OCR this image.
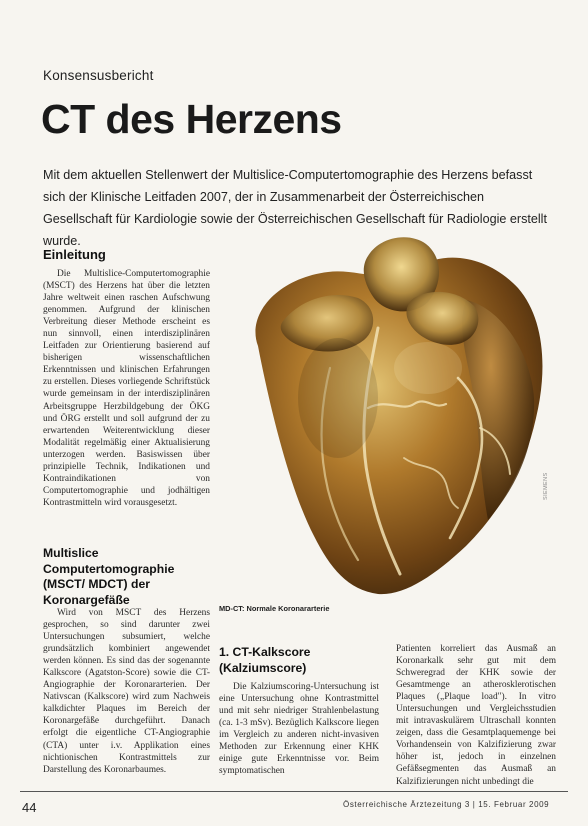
Konsensusbericht
CT des Herzens

Mit dem aktuellen Stellenwert der Multislice-Computertomographie des Herzens befasst sich der Klinische Leitfaden 2007, der in Zusammenarbeit der Österreichischen Gesellschaft für Kardiologie sowie der Österreichischen Gesellschaft für Radiologie erstellt wurde.

Einleitung

Die Multislice-Computertomographie (MSCT) des Herzens hat über die letzten Jahre weltweit einen raschen Aufschwung genommen. Aufgrund der klinischen Verbreitung dieser Methode erscheint es nun sinnvoll, einen interdisziplinären Leitfaden zur Orientierung basierend auf bisherigen wissenschaftlichen Erkenntnissen und klinischen Erfahrungen zu erstellen. Dieses vorliegende Schriftstück wurde gemeinsam in der interdisziplinären Arbeitsgruppe Herzbildgebung der ÖKG und ÖRG erstellt und soll aufgrund der zu erwartenden Weiterentwicklung dieser Modalität regelmäßig einer Aktualisierung unterzogen werden. Basiswissen über prinzipielle Technik, Indikationen und Kontraindikationen von Computertomographie und jodhältigen Kontrastmitteln wird vorausgesetzt.

Multislice Computertomographie (MSCT/ MDCT) der Koronargefäße

Wird von MSCT des Herzens gesprochen, so sind darunter zwei Untersuchungen subsumiert, welche grundsätzlich kombiniert angewendet werden können. Es sind das der sogenannte Kalkscore (Agatston-Score) sowie die CT-Angiographie der Koronararterien. Der Nativscan (Kalkscore) wird zum Nachweis kalkdichter Plaques im Bereich der Koronargefäße durchgeführt. Danach erfolgt die eigentliche CT-Angiographie (CTA) unter i.v. Applikation eines nichtionischen Kontrastmittels zur Darstellung des Koronarbaumes.

SIEMENS
MD-CT: Normale Koronararterie
1. CT-Kalkscore (Kalziumscore)

Die Kalziumscoring-Untersuchung ist eine Untersuchung ohne Kontrastmittel und mit sehr niedriger Strahlenbelastung (ca. 1-3 mSv). Bezüglich Kalkscore liegen im Vergleich zu anderen nicht-invasiven Methoden zur Erkennung einer KHK einige gute Erkenntnisse vor. Beim symptomatischen

Patienten korreliert das Ausmaß an Koronarkalk sehr gut mit dem Schweregrad der KHK sowie der Gesamtmenge an atherosklerotischen Plaques („Plaque load"). In vitro Untersuchungen und Vergleichsstudien mit intravaskulärem Ultraschall konnten zeigen, dass die Gesamtplaquemenge bei Vorhandensein von Kalzifizierung zwar höher ist, jedoch in einzelnen Gefäßsegmenten das Ausmaß an Kalzifizierungen nicht unbedingt die

44	Österreichische Ärztezeitung 3 | 15. Februar 2009
